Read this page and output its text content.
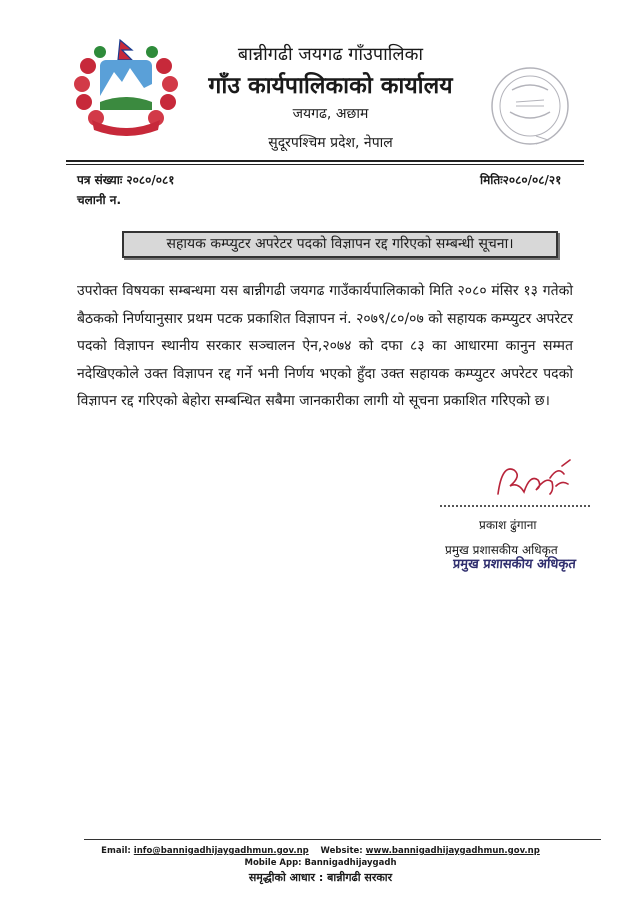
बान्नीगढी जयगढ गाँउपालिका
गाँउ कार्यपालिकाको कार्यालय
जयगढ, अछाम
सुदूरपश्चिम प्रदेश, नेपाल
पत्र संख्याः २०८०/०८१
चलानी न.
मितिः२०८०/०८/२१
सहायक कम्प्युटर अपरेटर पदको विज्ञापन रद्द गरिएको सम्बन्धी सूचना।
उपरोक्त विषयका सम्बन्धमा यस बान्नीगढी जयगढ गाउँकार्यपालिकाको मिति २०८० मंसिर १३ गतेको बैठकको निर्णयानुसार प्रथम पटक प्रकाशित विज्ञापन नं. २०७९/८०/०७ को सहायक कम्प्युटर अपरेटर पदको विज्ञापन स्थानीय सरकार सञ्चालन ऐन,२०७४ को दफा ८३ का आधारमा कानुन सम्मत नदेखिएकोले उक्त विज्ञापन रद्द गर्ने भनी निर्णय भएको हुँदा उक्त सहायक कम्प्युटर अपरेटर पदको विज्ञापन रद्द गरिएको बेहोरा सम्बन्धित सबैमा जानकारीका लागी यो सूचना प्रकाशित गरिएको छ।
प्रकाश ढुंगाना
प्रमुख प्रशासकीय अधिकृत
प्रमुख प्रशासकीय अधिकृत
Email: info@bannigadhijaygadhmun.gov.np Website: www.bannigadhijaygadhmun.gov.np
Mobile App: Bannigadhijaygadh
समृद्धीको आधार : बान्नीगढी सरकार
